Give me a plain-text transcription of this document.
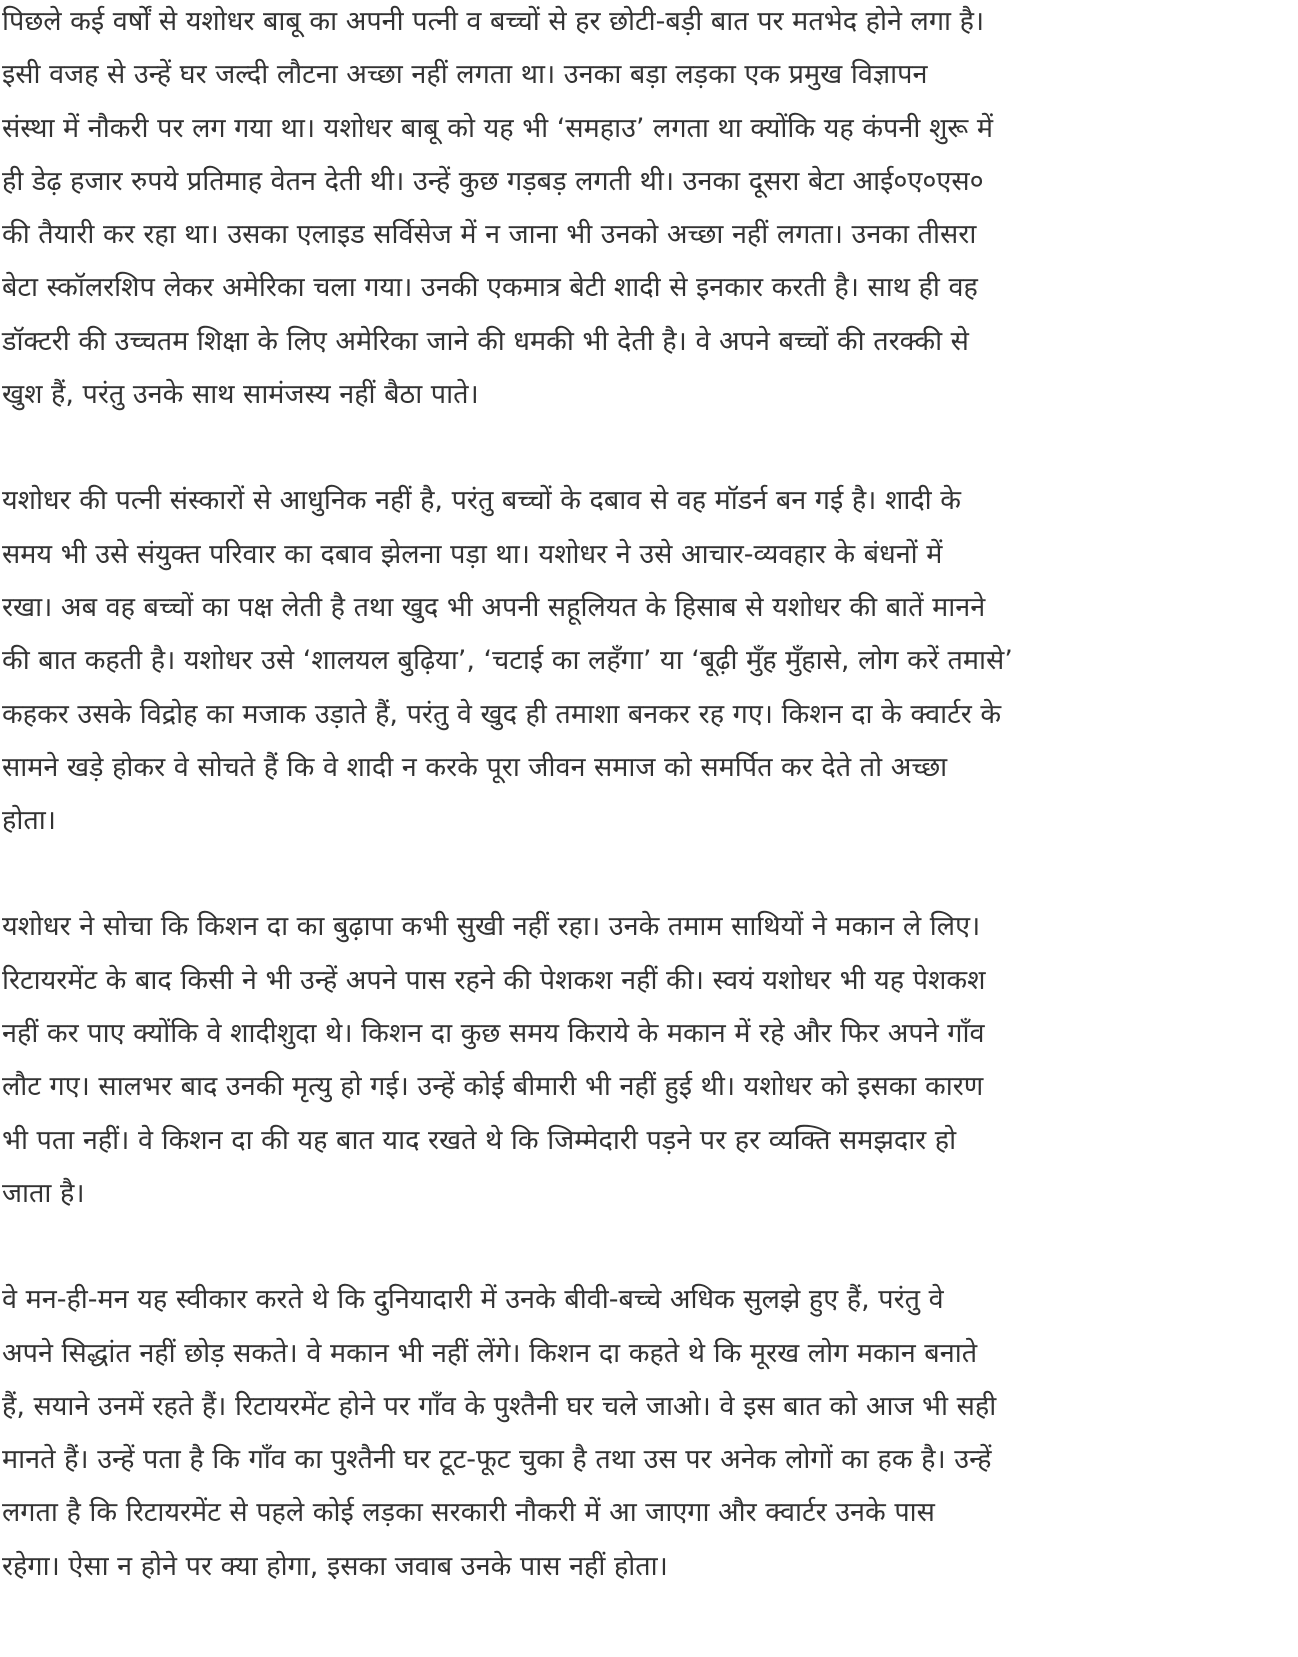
पिछले कई वर्षों से यशोधर बाबू का अपनी पत्नी व बच्चों से हर छोटी-बड़ी बात पर मतभेद होने लगा है।
इसी वजह से उन्हें घर जल्दी लौटना अच्छा नहीं लगता था। उनका बड़ा लड़का एक प्रमुख विज्ञापन
संस्था में नौकरी पर लग गया था। यशोधर बाबू को यह भी ‘समहाउ’ लगता था क्योंकि यह कंपनी शुरू में
ही डेढ़ हजार रुपये प्रतिमाह वेतन देती थी। उन्हें कुछ गड़बड़ लगती थी। उनका दूसरा बेटा आई०ए०एस०
की तैयारी कर रहा था। उसका एलाइड सर्विसेज में न जाना भी उनको अच्छा नहीं लगता। उनका तीसरा
बेटा स्कॉलरशिप लेकर अमेरिका चला गया। उनकी एकमात्र बेटी शादी से इनकार करती है। साथ ही वह
डॉक्टरी की उच्चतम शिक्षा के लिए अमेरिका जाने की धमकी भी देती है। वे अपने बच्चों की तरक्की से
खुश हैं, परंतु उनके साथ सामंजस्य नहीं बैठा पाते।
यशोधर की पत्नी संस्कारों से आधुनिक नहीं है, परंतु बच्चों के दबाव से वह मॉडर्न बन गई है। शादी के
समय भी उसे संयुक्त परिवार का दबाव झेलना पड़ा था। यशोधर ने उसे आचार-व्यवहार के बंधनों में
रखा। अब वह बच्चों का पक्ष लेती है तथा खुद भी अपनी सहूलियत के हिसाब से यशोधर की बातें मानने
की बात कहती है। यशोधर उसे ‘शालयल बुढ़िया’, ‘चटाई का लहँगा’ या ‘बूढ़ी मुँह मुँहासे, लोग करें तमासे’
कहकर उसके विद्रोह का मजाक उड़ाते हैं, परंतु वे खुद ही तमाशा बनकर रह गए। किशन दा के क्वार्टर के
सामने खड़े होकर वे सोचते हैं कि वे शादी न करके पूरा जीवन समाज को समर्पित कर देते तो अच्छा
होता।
यशोधर ने सोचा कि किशन दा का बुढ़ापा कभी सुखी नहीं रहा। उनके तमाम साथियों ने मकान ले लिए।
रिटायरमेंट के बाद किसी ने भी उन्हें अपने पास रहने की पेशकश नहीं की। स्वयं यशोधर भी यह पेशकश
नहीं कर पाए क्योंकि वे शादीशुदा थे। किशन दा कुछ समय किराये के मकान में रहे और फिर अपने गाँव
लौट गए। सालभर बाद उनकी मृत्यु हो गई। उन्हें कोई बीमारी भी नहीं हुई थी। यशोधर को इसका कारण
भी पता नहीं। वे किशन दा की यह बात याद रखते थे कि जिम्मेदारी पड़ने पर हर व्यक्ति समझदार हो
जाता है।
वे मन-ही-मन यह स्वीकार करते थे कि दुनियादारी में उनके बीवी-बच्चे अधिक सुलझे हुए हैं, परंतु वे
अपने सिद्धांत नहीं छोड़ सकते। वे मकान भी नहीं लेंगे। किशन दा कहते थे कि मूरख लोग मकान बनाते
हैं, सयाने उनमें रहते हैं। रिटायरमेंट होने पर गाँव के पुश्तैनी घर चले जाओ। वे इस बात को आज भी सही
मानते हैं। उन्हें पता है कि गाँव का पुश्तैनी घर टूट-फूट चुका है तथा उस पर अनेक लोगों का हक है। उन्हें
लगता है कि रिटायरमेंट से पहले कोई लड़का सरकारी नौकरी में आ जाएगा और क्वार्टर उनके पास
रहेगा। ऐसा न होने पर क्या होगा, इसका जवाब उनके पास नहीं होता।
